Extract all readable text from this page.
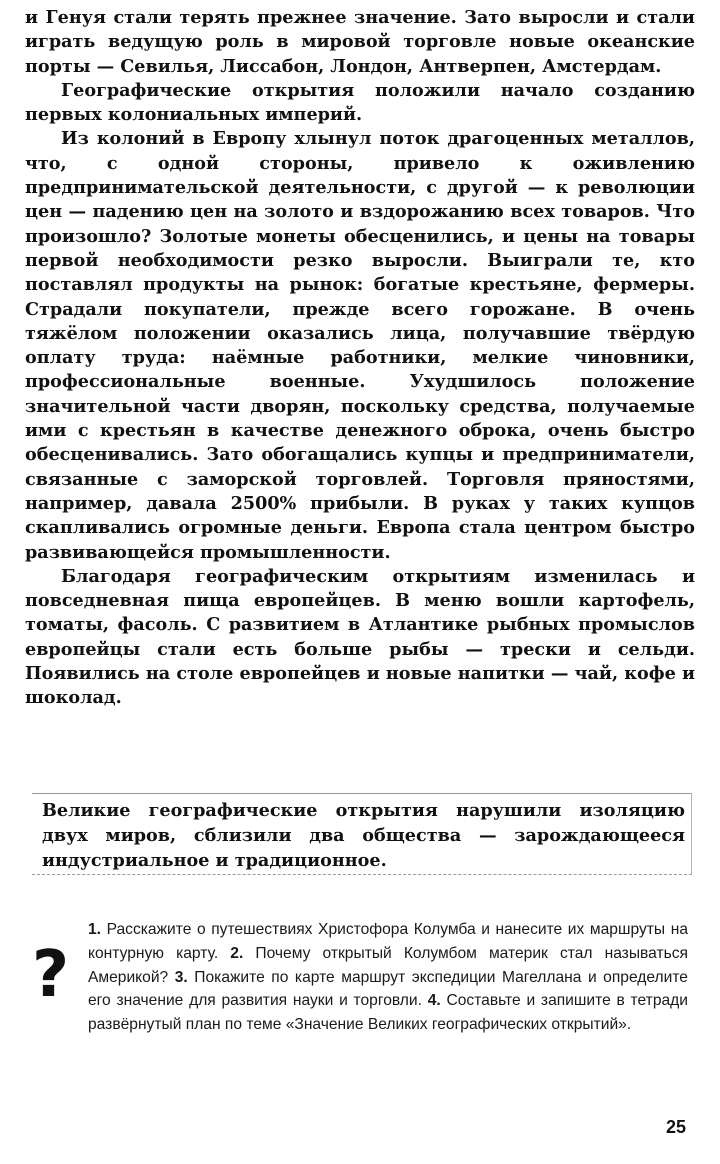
и Генуя стали терять прежнее значение. Зато выросли и стали играть ведущую роль в мировой торговле новые океанские порты — Севилья, Лиссабон, Лондон, Антверпен, Амстердам.

Географические открытия положили начало созданию первых колониальных империй.

Из колоний в Европу хлынул поток драгоценных металлов, что, с одной стороны, привело к оживлению предпринимательской деятельности, с другой — к революции цен — падению цен на золото и вздорожанию всех товаров. Что произошло? Золотые монеты обесценились, и цены на товары первой необходимости резко выросли. Выиграли те, кто поставлял продукты на рынок: богатые крестьяне, фермеры. Страдали покупатели, прежде всего горожане. В очень тяжёлом положении оказались лица, получавшие твёрдую оплату труда: наёмные работники, мелкие чиновники, профессиональные военные. Ухудшилось положение значительной части дворян, поскольку средства, получаемые ими с крестьян в качестве денежного оброка, очень быстро обесценивались. Зато обогащались купцы и предприниматели, связанные с заморской торговлей. Торговля пряностями, например, давала 2500% прибыли. В руках у таких купцов скапливались огромные деньги. Европа стала центром быстро развивающейся промышленности.

Благодаря географическим открытиям изменилась и повседневная пища европейцев. В меню вошли картофель, томаты, фасоль. С развитием в Атлантике рыбных промыслов европейцы стали есть больше рыбы — трески и сельди. Появились на столе европейцев и новые напитки — чай, кофе и шоколад.

Великие географические открытия нарушили изоляцию двух миров, сблизили два общества — зарождающееся индустриальное и традиционное.

?
1. Расскажите о путешествиях Христофора Колумба и нанесите их маршруты на контурную карту. 2. Почему открытый Колумбом материк стал называться Америкой? 3. Покажите по карте маршрут экспедиции Магеллана и определите его значение для развития науки и торговли. 4. Составьте и запишите в тетради развёрнутый план по теме «Значение Великих географических открытий».
25
